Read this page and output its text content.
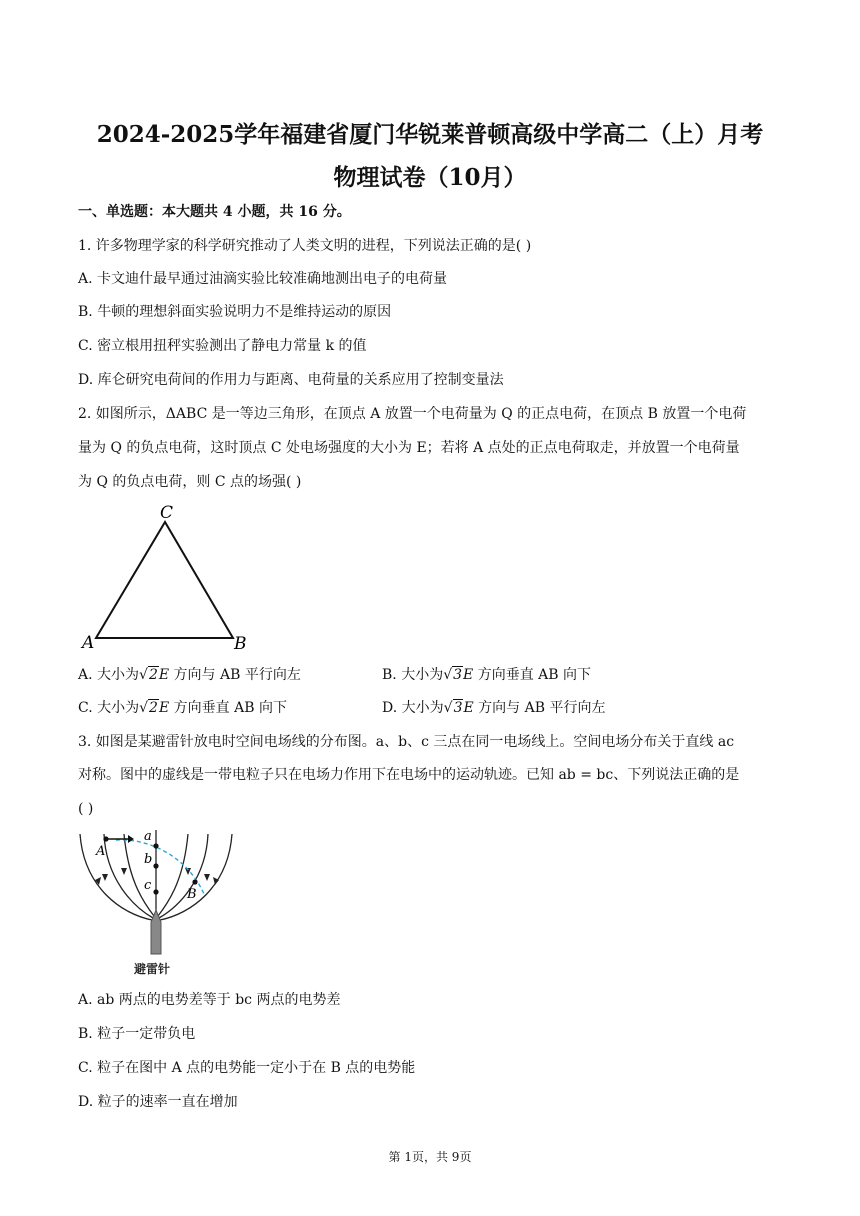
2024-2025学年福建省厦门华锐莱普顿高级中学高二（上）月考
物理试卷（10月）
一、单选题：本大题共 4 小题，共 16 分。
1. 许多物理学家的科学研究推动了人类文明的进程，下列说法正确的是( )
A. 卡文迪什最早通过油滴实验比较准确地测出电子的电荷量
B. 牛顿的理想斜面实验说明力不是维持运动的原因
C. 密立根用扭秤实验测出了静电力常量 k 的值
D. 库仑研究电荷间的作用力与距离、电荷量的关系应用了控制变量法
2. 如图所示，ΔABC 是一等边三角形，在顶点 A 放置一个电荷量为 Q 的正点电荷，在顶点 B 放置一个电荷
量为 Q 的负点电荷，这时顶点 C 处电场强度的大小为 E；若将 A 点处的正点电荷取走，并放置一个电荷量
为 Q 的负点电荷，则 C 点的场强( )
C
A	B
A. 大小为√2E 方向与 AB 平行向左	B. 大小为√3E 方向垂直 AB 向下
C. 大小为√2E 方向垂直 AB 向下	D. 大小为√3E 方向与 AB 平行向左
3. 如图是某避雷针放电时空间电场线的分布图。a、b、c 三点在同一电场线上。空间电场分布关于直线 ac
对称。图中的虚线是一带电粒子只在电场力作用下在电场中的运动轨迹。已知 ab = bc、下列说法正确的是
( )
a
b
c
A
B
避雷针
A. ab 两点的电势差等于 bc 两点的电势差
B. 粒子一定带负电
C. 粒子在图中 A 点的电势能一定小于在 B 点的电势能
D. 粒子的速率一直在增加
第 1页，共 9页
